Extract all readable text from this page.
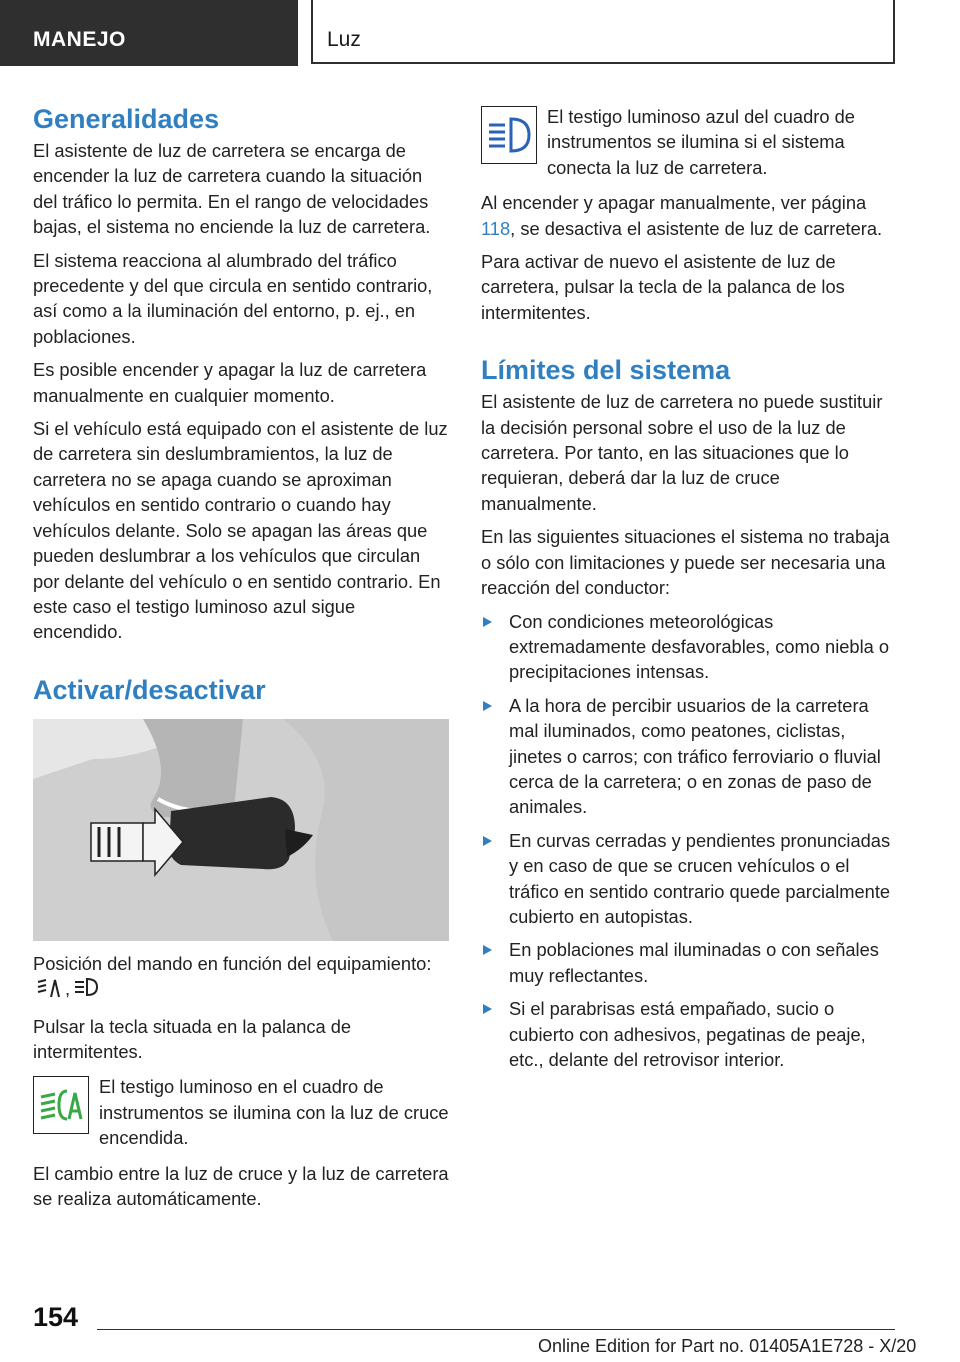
MANEJO	Luz
Generalidades

El asistente de luz de carretera se encarga de encender la luz de carretera cuando la situación del tráfico lo permita. En el rango de velocidades bajas, el sistema no enciende la luz de carretera.

El sistema reacciona al alumbrado del tráfico precedente y del que circula en sentido contrario, así como a la iluminación del entorno, p. ej., en poblaciones.

Es posible encender y apagar la luz de carretera manualmente en cualquier momento.

Si el vehículo está equipado con el asistente de luz de carretera sin deslumbramientos, la luz de carretera no se apaga cuando se aproximan vehículos en sentido contrario o cuando hay vehículos delante. Solo se apagan las áreas que pueden deslumbrar a los vehículos que circulan por delante del vehículo o en sentido contrario. En este caso el testigo luminoso azul sigue encendido.

Activar/desactivar

Posición del mando en función del equipamiento:,

Pulsar la tecla situada en la palanca de intermitentes.

El testigo luminoso en el cuadro de instrumentos se ilumina con la luz de cruce encendida.

El cambio entre la luz de cruce y la luz de carretera se realiza automáticamente.

El testigo luminoso azul del cuadro de instrumentos se ilumina si el sistema conecta la luz de carretera.

Al encender y apagar manualmente, ver página 118, se desactiva el asistente de luz de carretera.

Para activar de nuevo el asistente de luz de carretera, pulsar la tecla de la palanca de los intermitentes.

Límites del sistema

El asistente de luz de carretera no puede sustituir la decisión personal sobre el uso de la luz de carretera. Por tanto, en las situaciones que lo requieran, deberá dar la luz de cruce manualmente.

En las siguientes situaciones el sistema no trabaja o sólo con limitaciones y puede ser necesaria una reacción del conductor:

Con condiciones meteorológicas extremadamente desfavorables, como niebla o precipitaciones intensas.
A la hora de percibir usuarios de la carretera mal iluminados, como peatones, ciclistas, jinetes o carros; con tráfico ferroviario o fluvial cerca de la carretera; o en zonas de paso de animales.
En curvas cerradas y pendientes pronunciadas y en caso de que se crucen vehículos o el tráfico en sentido contrario quede parcialmente cubierto en autopistas.
En poblaciones mal iluminadas o con señales muy reflectantes.
Si el parabrisas está empañado, sucio o cubierto con adhesivos, pegatinas de peaje, etc., delante del retrovisor interior.
154
Online Edition for Part no. 01405A1E728 - X/20
